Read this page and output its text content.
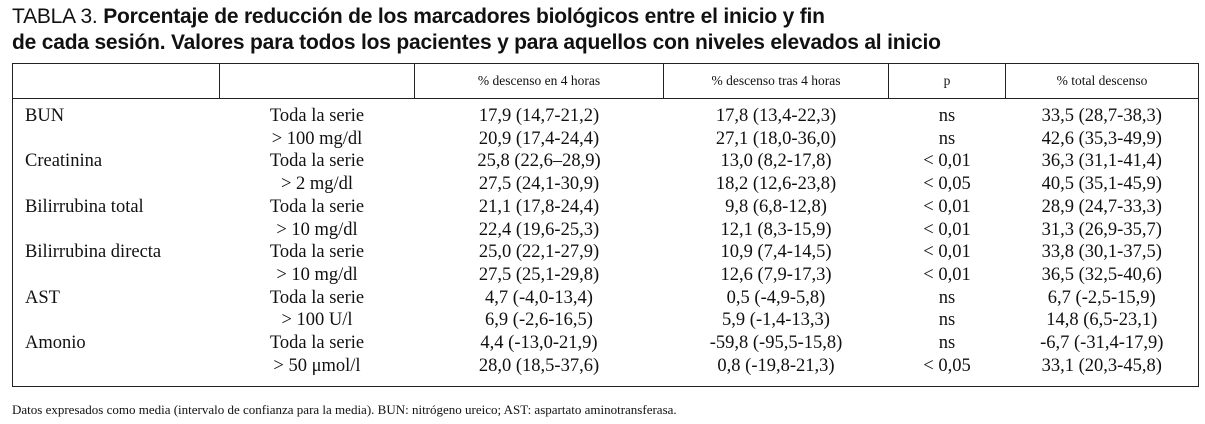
TABLA 3. Porcentaje de reducción de los marcadores biológicos entre el inicio y fin
de cada sesión. Valores para todos los pacientes y para aquellos con niveles elevados al inicio
		% descenso en 4 horas	% descenso tras 4 horas	p	% total descenso
BUN	Toda la serie	17,9 (14,7-21,2)	17,8 (13,4-22,3)	ns	33,5 (28,7-38,3)
	> 100 mg/dl	20,9 (17,4-24,4)	27,1 (18,0-36,0)	ns	42,6 (35,3-49,9)
Creatinina	Toda la serie	25,8 (22,6–28,9)	13,0 (8,2-17,8)	< 0,01	36,3 (31,1-41,4)
	> 2 mg/dl	27,5 (24,1-30,9)	18,2 (12,6-23,8)	< 0,05	40,5 (35,1-45,9)
Bilirrubina total	Toda la serie	21,1 (17,8-24,4)	9,8 (6,8-12,8)	< 0,01	28,9 (24,7-33,3)
	> 10 mg/dl	22,4 (19,6-25,3)	12,1 (8,3-15,9)	< 0,01	31,3 (26,9-35,7)
Bilirrubina directa	Toda la serie	25,0 (22,1-27,9)	10,9 (7,4-14,5)	< 0,01	33,8 (30,1-37,5)
	> 10 mg/dl	27,5 (25,1-29,8)	12,6 (7,9-17,3)	< 0,01	36,5 (32,5-40,6)
AST	Toda la serie	4,7 (-4,0-13,4)	0,5 (-4,9-5,8)	ns	6,7 (-2,5-15,9)
	> 100 U/l	6,9 (-2,6-16,5)	5,9 (-1,4-13,3)	ns	14,8 (6,5-23,1)
Amonio	Toda la serie	4,4 (-13,0-21,9)	-59,8 (-95,5-15,8)	ns	-6,7 (-31,4-17,9)
	> 50 μmol/l	28,0 (18,5-37,6)	0,8 (-19,8-21,3)	< 0,05	33,1 (20,3-45,8)

Datos expresados como media (intervalo de confianza para la media). BUN: nitrógeno ureico; AST: aspartato aminotransferasa.
